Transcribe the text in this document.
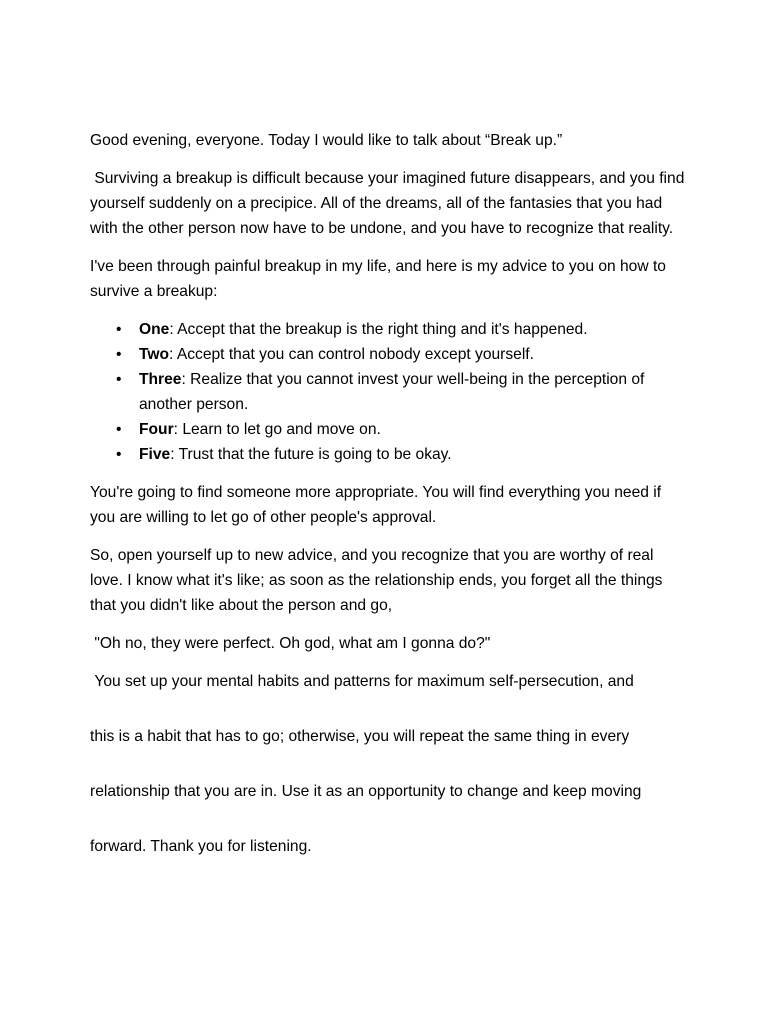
Good evening, everyone. Today I would like to talk about “Break up.”

Surviving a breakup is difficult because your imagined future disappears, and you find yourself suddenly on a precipice. All of the dreams, all of the fantasies that you had with the other person now have to be undone, and you have to recognize that reality.

I've been through painful breakup in my life, and here is my advice to you on how to survive a breakup:

• One: Accept that the breakup is the right thing and it's happened.
• Two: Accept that you can control nobody except yourself.
• Three: Realize that you cannot invest your well-being in the perception of another person.
• Four: Learn to let go and move on.
• Five: Trust that the future is going to be okay.

You're going to find someone more appropriate. You will find everything you need if you are willing to let go of other people's approval.

So, open yourself up to new advice, and you recognize that you are worthy of real love. I know what it's like; as soon as the relationship ends, you forget all the things that you didn't like about the person and go,

"Oh no, they were perfect. Oh god, what am I gonna do?"

You set up your mental habits and patterns for maximum self-persecution, and

this is a habit that has to go; otherwise, you will repeat the same thing in every

relationship that you are in. Use it as an opportunity to change and keep moving

forward. Thank you for listening.
